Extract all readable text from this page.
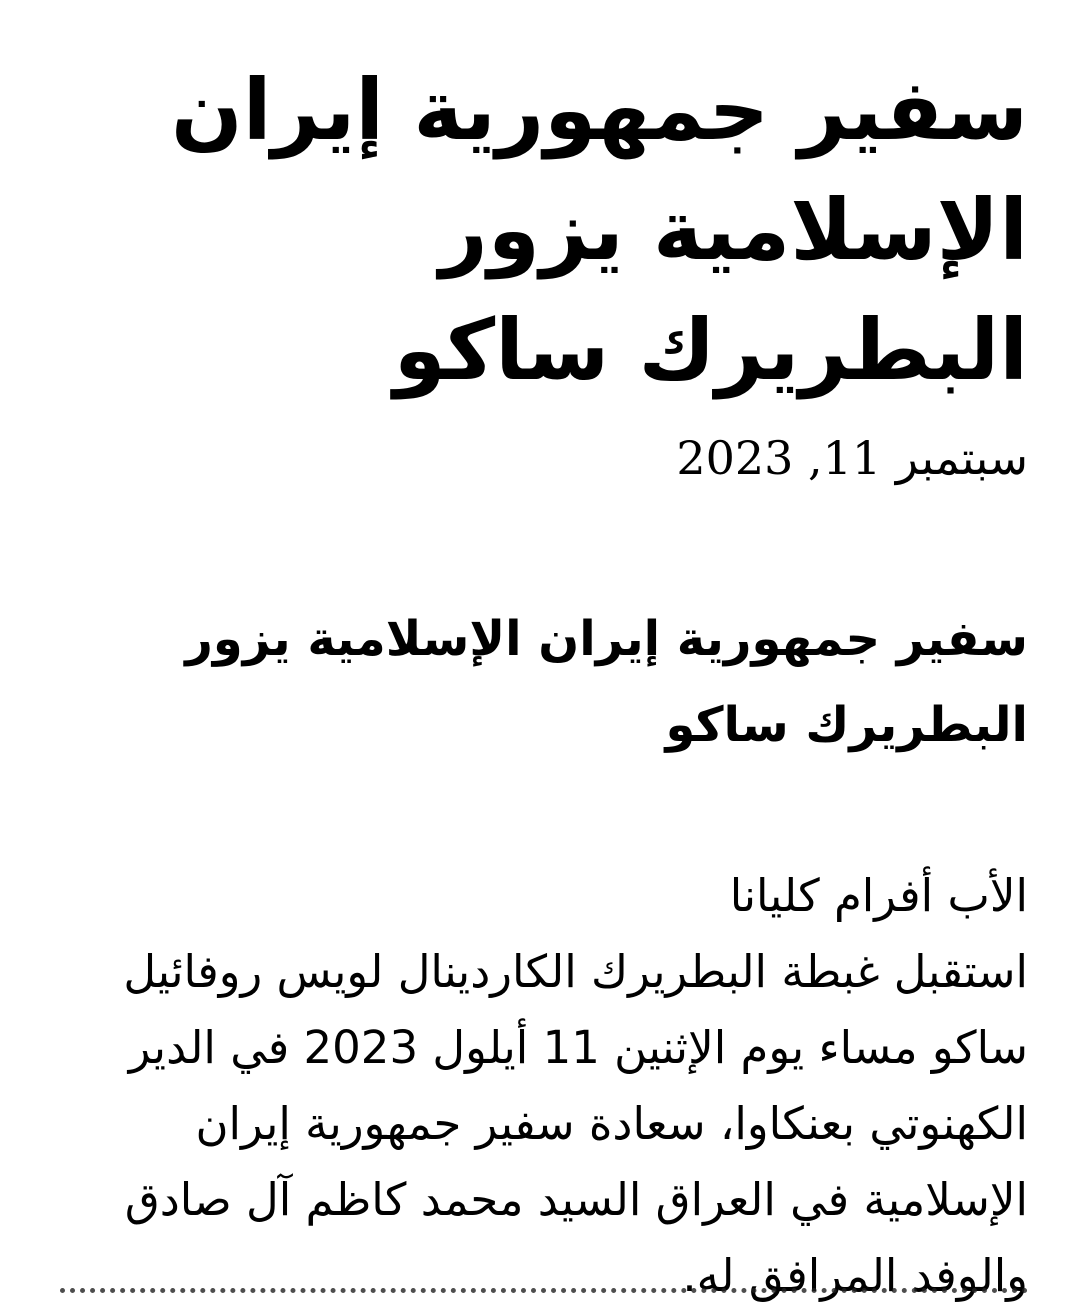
سفير جمهورية إيران الإسلامية يزور البطريرك ساكو
سبتمبر 11, 2023
سفير جمهورية إيران الإسلامية يزور البطريرك ساكو

الأب أفرام كليانا

استقبل غبطة البطريرك الكاردينال لويس روفائيل ساكو مساء يوم الإثنين 11 أيلول 2023 في الدير الكهنوتي بعنكاوا، سعادة سفير جمهورية إيران الإسلامية في العراق السيد محمد كاظم آل صادق والوفد المرافق له.
